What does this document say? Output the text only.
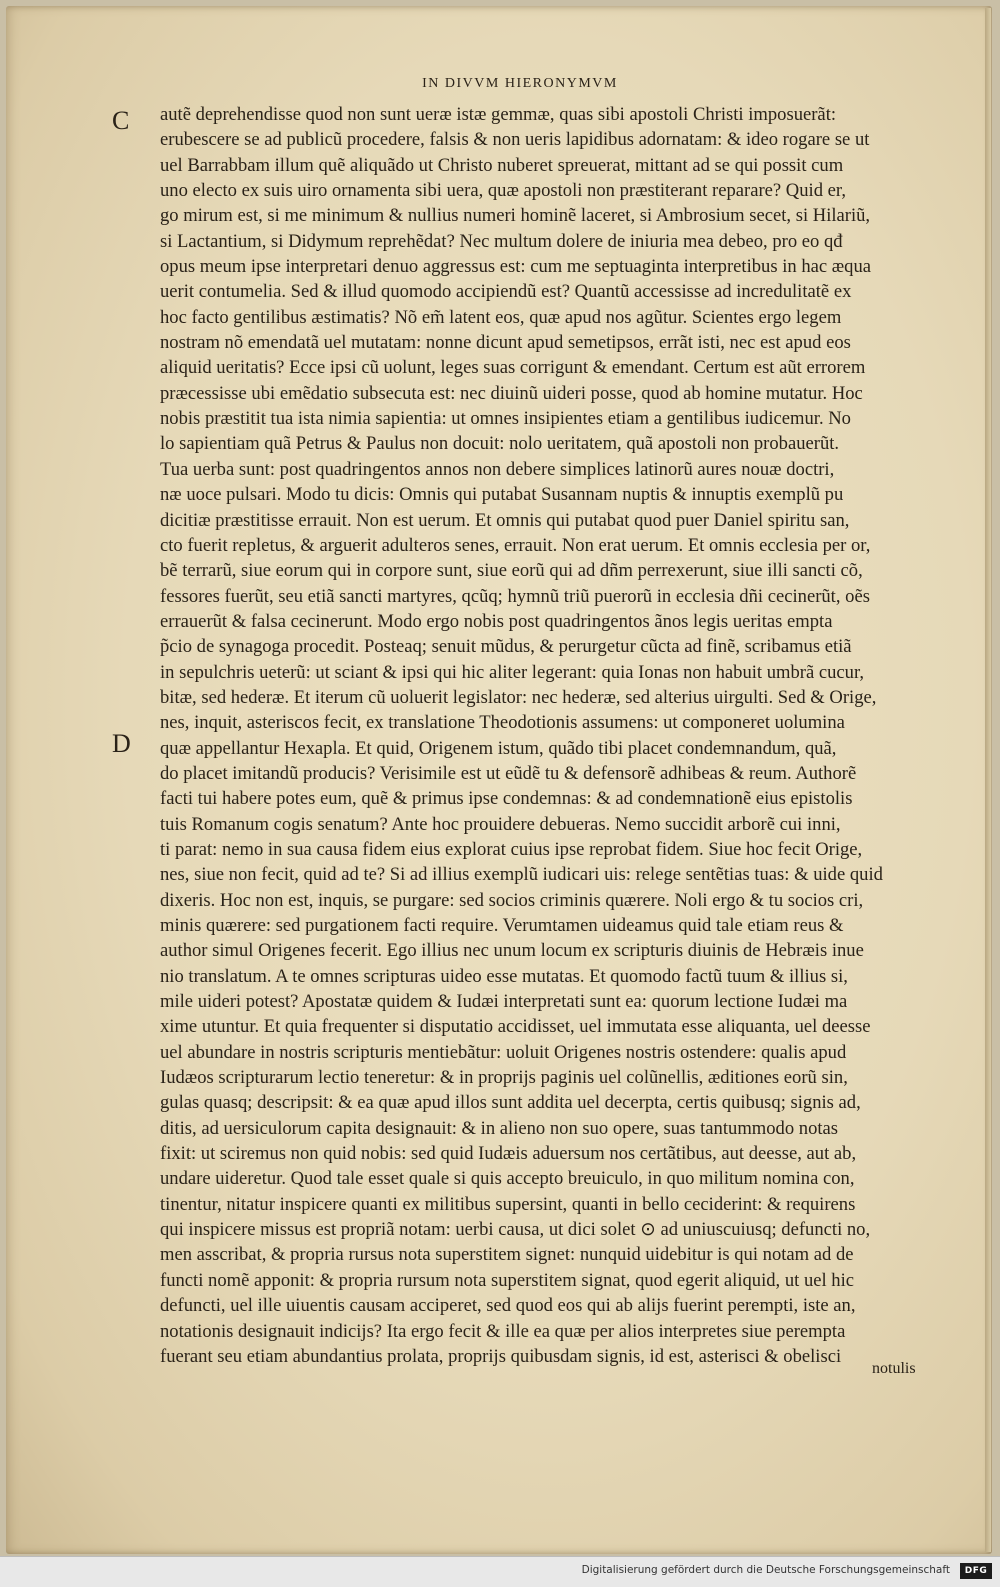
IN DIVVM HIERONYMVM
C
D
autẽ deprehendisse quod non sunt ueræ istæ gemmæ, quas sibi apostoli Christi imposuerãt:
erubescere se ad publicũ procedere, falsis & non ueris lapidibus adornatam: & ideo rogare se ut
uel Barrabbam illum quẽ aliquãdo ut Christo nuberet spreuerat, mittant ad se qui possit cum
uno electo ex suis uiro ornamenta sibi uera, quæ apostoli non præstiterant reparare? Quid er,
go mirum est, si me minimum & nullius numeri hominẽ laceret, si Ambrosium secet, si Hilariũ,
si Lactantium, si Didymum reprehẽdat? Nec multum dolere de iniuria mea debeo, pro eo qđ
opus meum ipse interpretari denuo aggressus est: cum me septuaginta interpretibus in hac æqua
uerit contumelia. Sed & illud quomodo accipiendũ est? Quantũ accessisse ad incredulitatẽ ex
hoc facto gentilibus æstimatis? Nõ em̃ latent eos, quæ apud nos agũtur. Scientes ergo legem
nostram nõ emendatã uel mutatam: nonne dicunt apud semetipsos, errãt isti, nec est apud eos
aliquid ueritatis? Ecce ipsi cũ uolunt, leges suas corrigunt & emendant. Certum est aũt errorem
præcessisse ubi emẽdatio subsecuta est: nec diuinũ uideri posse, quod ab homine mutatur. Hoc
nobis præstitit tua ista nimia sapientia: ut omnes insipientes etiam a gentilibus iudicemur. No
lo sapientiam quã Petrus & Paulus non docuit: nolo ueritatem, quã apostoli non probauerũt.
Tua uerba sunt: post quadringentos annos non debere simplices latinorũ aures nouæ doctri,
næ uoce pulsari. Modo tu dicis: Omnis qui putabat Susannam nuptis & innuptis exemplũ pu
dicitiæ præstitisse errauit. Non est uerum. Et omnis qui putabat quod puer Daniel spiritu san,
cto fuerit repletus, & arguerit adulteros senes, errauit. Non erat uerum. Et omnis ecclesia per or,
bẽ terrarũ, siue eorum qui in corpore sunt, siue eorũ qui ad dñm perrexerunt, siue illi sancti cõ,
fessores fuerũt, seu etiã sancti martyres, qcũq; hymnũ triũ puerorũ in ecclesia dñi cecinerũt, oẽs
errauerũt & falsa cecinerunt. Modo ergo nobis post quadringentos ãnos legis ueritas empta
p̃cio de synagoga procedit. Posteaq; senuit mũdus, & perurgetur cũcta ad finẽ, scribamus etiã
in sepulchris ueterũ: ut sciant & ipsi qui hic aliter legerant: quia Ionas non habuit umbrã cucur,
bitæ, sed hederæ. Et iterum cũ uoluerit legislator: nec hederæ, sed alterius uirgulti. Sed & Orige,
nes, inquit, asteriscos fecit, ex translatione Theodotionis assumens: ut componeret uolumina
quæ appellantur Hexapla. Et quid, Origenem istum, quãdo tibi placet condemnandum, quã,
do placet imitandũ producis? Verisimile est ut eũdẽ tu & defensorẽ adhibeas & reum. Authorẽ
facti tui habere potes eum, quẽ & primus ipse condemnas: & ad condemnationẽ eius epistolis
tuis Romanum cogis senatum? Ante hoc prouidere debueras. Nemo succidit arborẽ cui inni,
ti parat: nemo in sua causa fidem eius explorat cuius ipse reprobat fidem. Siue hoc fecit Orige,
nes, siue non fecit, quid ad te? Si ad illius exemplũ iudicari uis: relege sentẽtias tuas: & uide quid
dixeris. Hoc non est, inquis, se purgare: sed socios criminis quærere. Noli ergo & tu socios cri,
minis quærere: sed purgationem facti require. Verumtamen uideamus quid tale etiam reus &
author simul Origenes fecerit. Ego illius nec unum locum ex scripturis diuinis de Hebræis inue
nio translatum. A te omnes scripturas uideo esse mutatas. Et quomodo factũ tuum & illius si,
mile uideri potest? Apostatæ quidem & Iudæi interpretati sunt ea: quorum lectione Iudæi ma
xime utuntur. Et quia frequenter si disputatio accidisset, uel immutata esse aliquanta, uel deesse
uel abundare in nostris scripturis mentiebãtur: uoluit Origenes nostris ostendere: qualis apud
Iudæos scripturarum lectio teneretur: & in proprijs paginis uel colũnellis, æditiones eorũ sin,
gulas quasq; descripsit: & ea quæ apud illos sunt addita uel decerpta, certis quibusq; signis ad,
ditis, ad uersiculorum capita designauit: & in alieno non suo opere, suas tantummodo notas
fixit: ut sciremus non quid nobis: sed quid Iudæis aduersum nos certãtibus, aut deesse, aut ab,
undare uideretur. Quod tale esset quale si quis accepto breuiculo, in quo militum nomina con,
tinentur, nitatur inspicere quanti ex militibus supersint, quanti in bello ceciderint: & requirens
qui inspicere missus est propriã notam: uerbi causa, ut dici solet ⊙ ad uniuscuiusq; defuncti no,
men asscribat, & propria rursus nota superstitem signet: nunquid uidebitur is qui notam ad de
functi nomẽ apponit: & propria rursum nota superstitem signat, quod egerit aliquid, ut uel hic
defuncti, uel ille uiuentis causam acciperet, sed quod eos qui ab alijs fuerint perempti, iste an,
notationis designauit indicijs? Ita ergo fecit & ille ea quæ per alios interpretes siue perempta
fuerant seu etiam abundantius prolata, proprijs quibusdam signis, id est, asterisci & obelisci
notulis
Digitalisierung gefördert durch die Deutsche Forschungsgemeinschaft	DFG
